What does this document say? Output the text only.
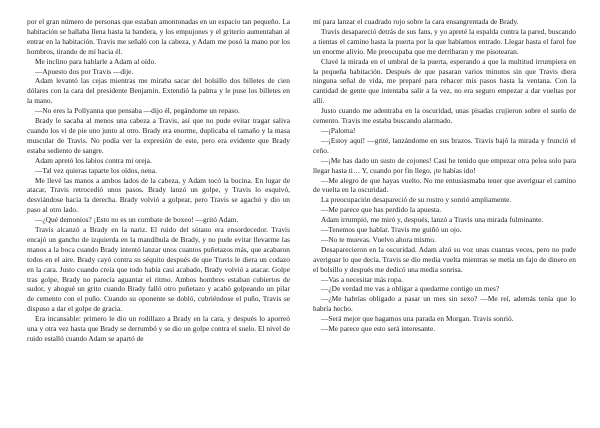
por el gran número de personas que estaban amontonadas en un espacio tan pequeño. La habitación se hallaba llena hasta la bandera, y los empujones y el griterío aumentaban al entrar en la habitación. Travis me señaló con la cabeza, y Adam me posó la mano por los hombros, tirando de mí hacia él.

Me inclino para hablarle a Adam al oído.

—Apuesto dos por Travis —dije.

Adam levantó las cejas mientras me miraba sacar del bolsillo dos billetes de cien dólares con la cara del presidente Benjamin. Extendió la palma y le puse los billetes en la mano.

—No eres la Pollyanna que pensaba —dijo él, pegándome un repaso.

Brady le sacaba al menos una cabeza a Travis, así que no pude evitar tragar saliva cuando los vi de pie uno junto al otro. Brady era enorme, duplicaba el tamaño y la masa muscular de Travis. No podía ver la expresión de este, pero era evidente que Brady estaba sediento de sangre.

Adam apretó los labios contra mi oreja.

—Tal vez quieras taparte los oídos, nena.

Me llevé las manos a ambos lados de la cabeza, y Adam tocó la bocina. En lugar de atacar, Travis retrocedió unos pasos. Brady lanzó un golpe, y Travis lo esquivó, desviándose hacia la derecha. Brady volvió a golpear, pero Travis se agachó y dio un paso al otro lado.

—¿Qué demonios? ¡Esto no es un combate de boxeo! —gritó Adam.

Travis alcanzó a Brady en la nariz. El ruido del sótano era ensordecedor. Travis encajó un gancho de izquierda en la mandíbula de Brady, y no pude evitar llevarme las manos a la boca cuando Brady intentó lanzar unos cuantos puñetazos más, que acabaron todos en el aire. Brady cayó contra su séquito después de que Travis le diera un codazo en la cara. Justo cuando creía que todo había casi acabado, Brady volvió a atacar. Golpe tras golpe, Brady no parecía aguantar el ritmo. Ambos hombres estaban cubiertos de sudor, y ahogué un grito cuando Brady falló otro puñetazo y acabó golpeando un pilar de cemento con el puño. Cuando su oponente se dobló, cubriéndose el puño, Travis se dispuso a dar el golpe de gracia.

Era incansable: primero le dio un rodillazo a Brady en la cara, y después lo aporreó una y otra vez hasta que Brady se derrumbó y se dio un golpe contra el suelo. El nivel de ruido estalló cuando Adam se apartó de

mí para lanzar el cuadrado rojo sobre la cara ensangrentada de Brady.

Travis desapareció detrás de sus fans, y yo apreté la espalda contra la pared, buscando a tientas el camino hasta la puerta por la que habíamos entrado. Llegar hasta el farol fue un enorme alivio. Me preocupaba que me derribaran y me pisotearan.

Clavé la mirada en el umbral de la puerta, esperando a que la multitud irrumpiera en la pequeña habitación. Después de que pasaran varios minutos sin que Travis diera ninguna señal de vida, me preparé para rehacer mis pasos hasta la ventana. Con la cantidad de gente que intentaba salir a la vez, no era seguro empezar a dar vueltas por allí.

Justo cuando me adentraba en la oscuridad, unas pisadas crujieron sobre el suelo de cemento. Travis me estaba buscando alarmado.

—¡Paloma!

—¡Estoy aquí! —grité, lanzándome en sus brazos. Travis bajó la mirada y frunció el ceño.

—¡Me has dado un susto de cojones! Casi he tenido que empezar otra pelea solo para llegar hasta ti… Y, cuando por fin llego, ¡te habías ido!

—Me alegro de que hayas vuelto. No me entusiasmaba tener que averiguar el camino de vuelta en la oscuridad.

La preocupación desapareció de su rostro y sonrió ampliamente.

—Me parece que has perdido la apuesta.

Adam irrumpió, me miró y, después, lanzó a Travis una mirada fulminante.

—Tenemos que hablar. Travis me guiñó un ojo.

—No te muevas. Vuelvo ahora mismo.

Desaparecieron en la oscuridad. Adam alzó su voz unas cuantas veces, pero no pude averiguar lo que decía. Travis se dio media vuelta mientras se metía un fajo de dinero en el bolsillo y después me dedicó una media sonrisa.

—Vas a necesitar más ropa.

—¿De verdad me vas a obligar a quedarme contigo un mes?

—¿Me habrías obligado a pasar un mes sin sexo? —Me reí, además tenía que lo habría hecho.

—Será mejor que hagamos una parada en Morgan. Travis sonrió.

—Me parece que esto será interesante.
